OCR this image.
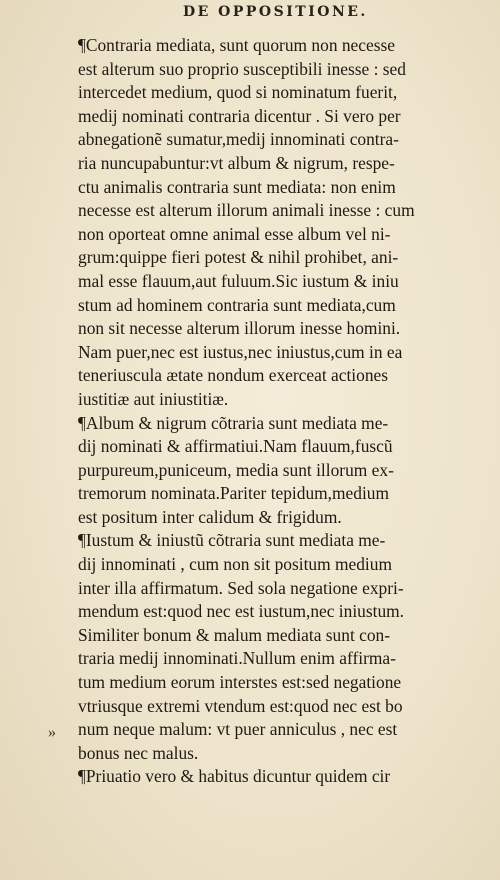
DE OPPOSITIONE.
»
¶Contraria mediata, sunt quorum non necesse
est alterum suo proprio susceptibili inesse : sed
intercedet medium, quod si nominatum fuerit,
medij nominati contraria dicentur . Si vero per
abnegationẽ sumatur,medij innominati contra-
ria nuncupabuntur:vt album & nigrum, respe-
ctu animalis contraria sunt mediata: non enim
necesse est alterum illorum animali inesse : cum
non oporteat omne animal esse album vel ni-
grum:quippe fieri potest & nihil prohibet, ani-
mal esse flauum,aut fuluum.Sic iustum & iniu
stum ad hominem contraria sunt mediata,cum
non sit necesse alterum illorum inesse homini.
Nam puer,nec est iustus,nec iniustus,cum in ea
teneriuscula ætate nondum exerceat actiones
iustitiæ aut iniustitiæ.
¶Album & nigrum cõtraria sunt mediata me-
dij nominati & affirmatiui.Nam flauum,fuscũ
purpureum,puniceum, media sunt illorum ex-
tremorum nominata.Pariter tepidum,medium
est positum inter calidum & frigidum.
¶Iustum & iniustũ cõtraria sunt mediata me-
dij innominati , cum non sit positum medium
inter illa affirmatum. Sed sola negatione expri-
mendum est:quod nec est iustum,nec iniustum.
Similiter bonum & malum mediata sunt con-
traria medij innominati.Nullum enim affirma-
tum medium eorum interstes est:sed negatione
vtriusque extremi vtendum est:quod nec est bo
num neque malum: vt puer anniculus , nec est
bonus nec malus.
¶Priuatio vero & habitus dicuntur quidem cir
